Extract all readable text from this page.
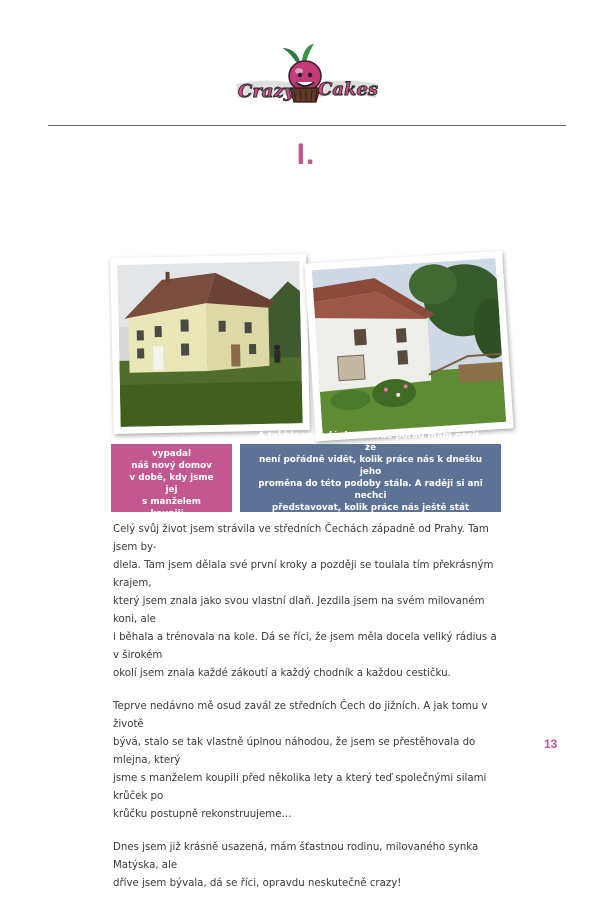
Crazy Cakes
I.
Tak takhle vypadal
náš nový domov
v době, kdy jsme jej
s manželem koupili…
A takhle vypadá dnes… Ale pořád mám pocit, že
není pořádně vidět, kolik práce nás k dnešku jeho
proměna do této podoby stála. A raději si ani nechci
představovat, kolik práce nás ještě stát bude…

Celý svůj život jsem strávila ve středních Čechách západně od Prahy. Tam jsem by-
dlela. Tam jsem dělala své první kroky a později se toulala tím překrásným krajem,
který jsem znala jako svou vlastní dlaň. Jezdila jsem na svém milovaném koni, ale
i běhala a trénovala na kole. Dá se říci, že jsem měla docela veliký rádius a v širokém
okolí jsem znala každé zákoutí a každý chodník a každou cestičku.

Teprve nedávno mě osud zavál ze středních Čech do jižních. A jak tomu v životě
bývá, stalo se tak vlastně úplnou náhodou, že jsem se přestěhovala do mlejna, který
jsme s manželem koupili před několika lety a který teď společnými silami krůček po
krůčku postupně rekonstruujeme…

Dnes jsem již krásně usazená, mám šťastnou rodinu, milovaného synka Matýska, ale
dříve jsem bývala, dá se říci, opravdu neskutečně crazy!

13
